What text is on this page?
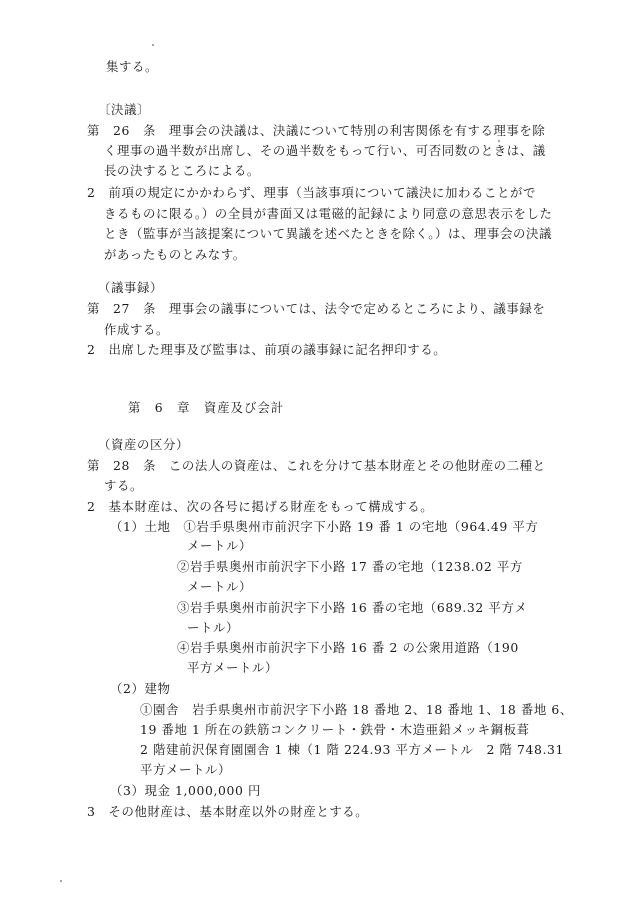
集する。
〔決議〕
第　26　条　理事会の決議は、決議について特別の利害関係を有する理事を除
く理事の過半数が出席し、その過半数をもって行い、可否同数のときは、議
長の決するところによる。
2　前項の規定にかかわらず、理事（当該事項について議決に加わることがで
きるものに限る。）の全員が書面又は電磁的記録により同意の意思表示をした
とき（監事が当該提案について異議を述べたときを除く。）は、理事会の決議
があったものとみなす。
（議事録）
第　27　条　理事会の議事については、法令で定めるところにより、議事録を
作成する。
2　出席した理事及び監事は、前項の議事録に記名押印する。
第　6　章　資産及び会計
（資産の区分）
第　28　条　この法人の資産は、これを分けて基本財産とその他財産の二種と
する。
2　基本財産は、次の各号に掲げる財産をもって構成する。
（1）土地　①岩手県奥州市前沢字下小路 19 番 1 の宅地（964.49 平方
メートル）
②岩手県奥州市前沢字下小路 17 番の宅地（1238.02 平方
メートル）
③岩手県奥州市前沢字下小路 16 番の宅地（689.32 平方メ
ートル）
④岩手県奥州市前沢字下小路 16 番 2 の公衆用道路（190
平方メートル）
（2）建物
①園舎　岩手県奥州市前沢字下小路 18 番地 2、18 番地 1、18 番地 6、
19 番地 1 所在の鉄筋コンクリート・鉄骨・木造亜鉛メッキ鋼板葺
2 階建前沢保育園園舎 1 棟（1 階 224.93 平方メートル　2 階 748.31
平方メートル）
（3）現金 1,000,000 円
3　その他財産は、基本財産以外の財産とする。
